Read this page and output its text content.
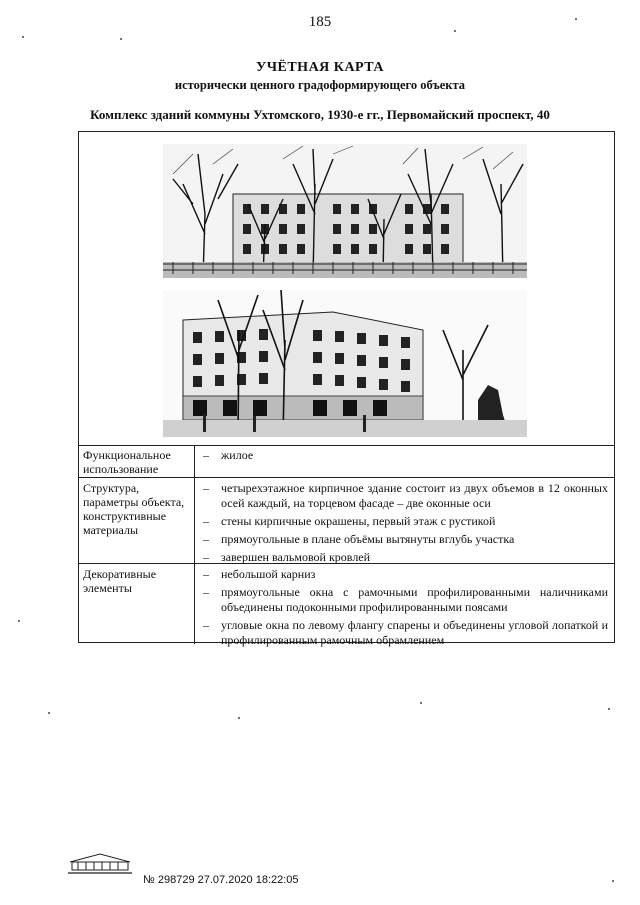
185
УЧЁТНАЯ КАРТА
исторически ценного градоформирующего объекта
Комплекс зданий коммуны Ухтомского, 1930-е гг., Первомайский проспект, 40
Функциональное использование
– жилое
Структура, параметры объекта, конструктивные материалы
– четырехэтажное кирпичное здание состоит из двух объемов в 12 оконных осей каждый, на торцевом фасаде – две оконные оси
– стены кирпичные окрашены, первый этаж с рустикой
– прямоугольные в плане объёмы вытянуты вглубь участка
– завершен вальмовой кровлей
Декоративные элементы
– небольшой карниз
– прямоугольные окна с рамочными профилированными наличниками объединены подоконными профилированными поясами
– угловые окна по левому флангу спарены и объединены угловой лопаткой и профилированным рамочным обрамлением
№ 298729 27.07.2020 18:22:05
